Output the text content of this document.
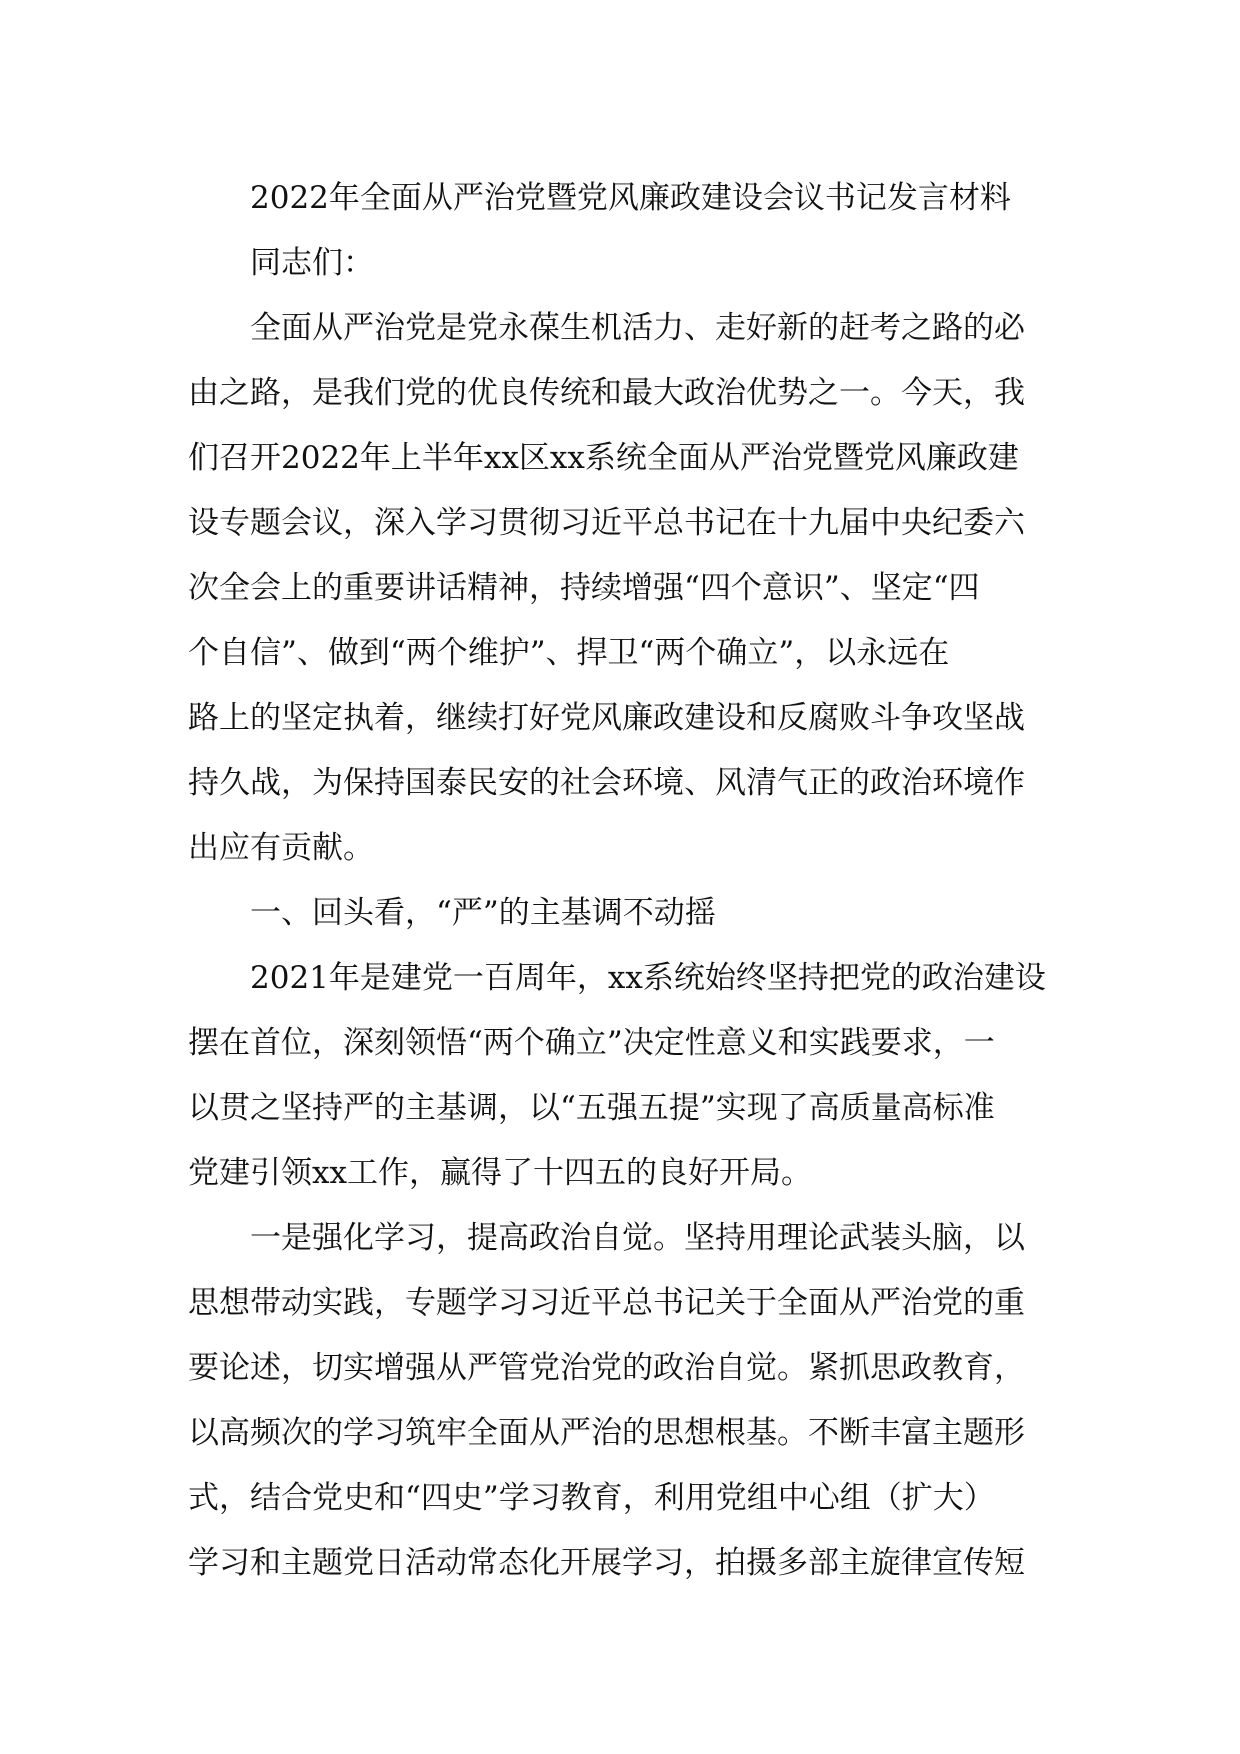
2022年全面从严治党暨党风廉政建设会议书记发言材料
同志们：
全面从严治党是党永葆生机活力、走好新的赶考之路的必
由之路，是我们党的优良传统和最大政治优势之一。今天，我
们召开2022年上半年xx区xx系统全面从严治党暨党风廉政建
设专题会议，深入学习贯彻习近平总书记在十九届中央纪委六
次全会上的重要讲话精神，持续增强“四个意识”、坚定“四
个自信”、做到“两个维护”、捍卫“两个确立”，以永远在
路上的坚定执着，继续打好党风廉政建设和反腐败斗争攻坚战
持久战，为保持国泰民安的社会环境、风清气正的政治环境作
出应有贡献。
一、回头看，“严”的主基调不动摇
2021年是建党一百周年，xx系统始终坚持把党的政治建设
摆在首位，深刻领悟“两个确立”决定性意义和实践要求，一
以贯之坚持严的主基调，以“五强五提”实现了高质量高标准
党建引领xx工作，赢得了十四五的良好开局。
一是强化学习，提高政治自觉。坚持用理论武装头脑，以
思想带动实践，专题学习习近平总书记关于全面从严治党的重
要论述，切实增强从严管党治党的政治自觉。紧抓思政教育，
以高频次的学习筑牢全面从严治的思想根基。不断丰富主题形
式，结合党史和“四史”学习教育，利用党组中心组（扩大）
学习和主题党日活动常态化开展学习，拍摄多部主旋律宣传短
